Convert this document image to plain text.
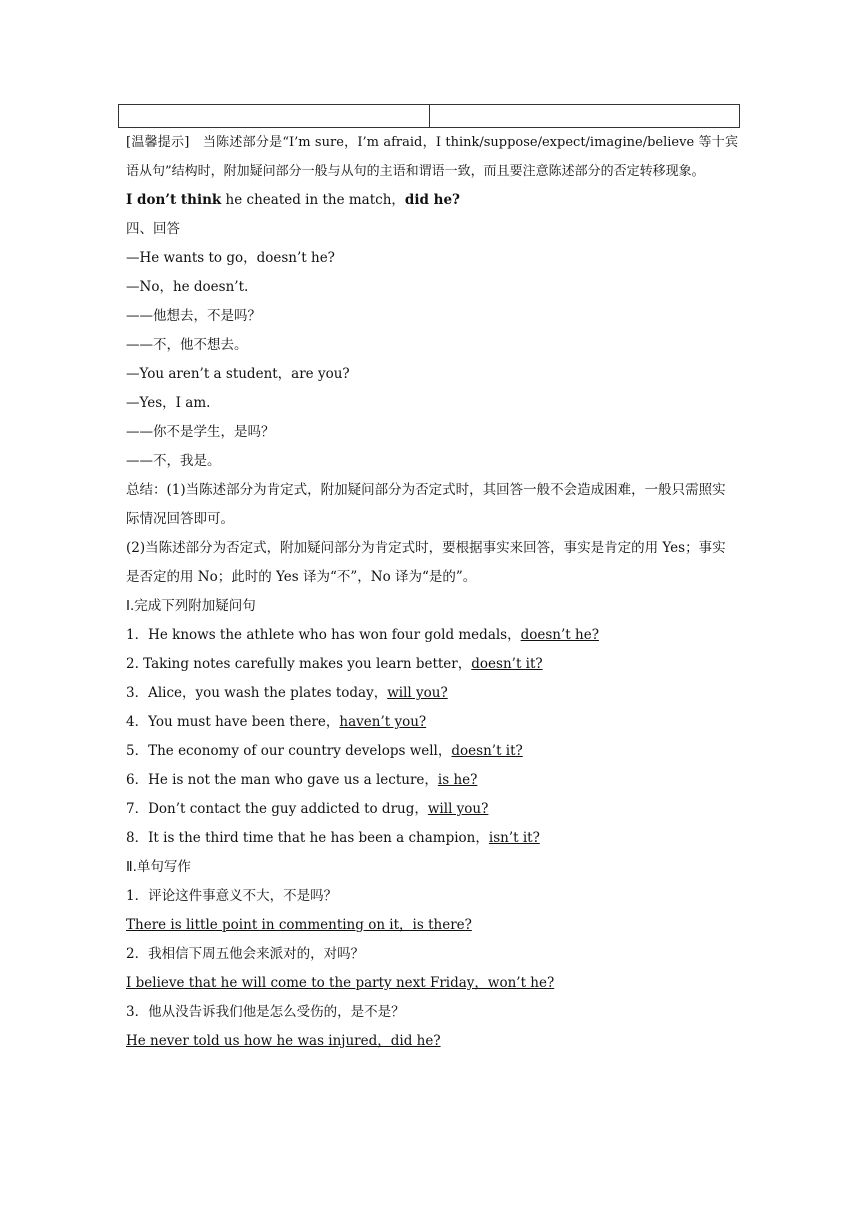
[温馨提示]　当陈述部分是“I’m sure，I’m afraid，I think/suppose/expect/imagine/believe 等十宾语从句”结构时，附加疑问部分一般与从句的主语和谓语一致，而且要注意陈述部分的否定转移现象。
I don’t think he cheated in the match，did he?
四、回答
—He wants to go，doesn’t he?
—No，he doesn’t.
——他想去，不是吗？
——不，他不想去。
—You aren’t a student，are you?
—Yes，I am.
——你不是学生，是吗？
——不，我是。
总结：(1)当陈述部分为肯定式，附加疑问部分为否定式时，其回答一般不会造成困难，一般只需照实际情况回答即可。
(2)当陈述部分为否定式，附加疑问部分为肯定式时，要根据事实来回答，事实是肯定的用 Yes；事实是否定的用 No；此时的 Yes 译为“不”，No 译为“是的”。
Ⅰ.完成下列附加疑问句
1．He knows the athlete who has won four gold medals，doesn’t he?
2. Taking notes carefully makes you learn better，doesn’t it?
3．Alice，you wash the plates today，will you?
4．You must have been there，haven’t you?
5．The economy of our country develops well，doesn’t it?
6．He is not the man who gave us a lecture，is he?
7．Don’t contact the guy addicted to drug，will you?
8．It is the third time that he has been a champion，isn’t it?
Ⅱ.单句写作
1．评论这件事意义不大，不是吗？
There is little point in commenting on it，is there?
2．我相信下周五他会来派对的，对吗？
I believe that he will come to the party next Friday，won’t he?
3．他从没告诉我们他是怎么受伤的，是不是？
He never told us how he was injured，did he?
